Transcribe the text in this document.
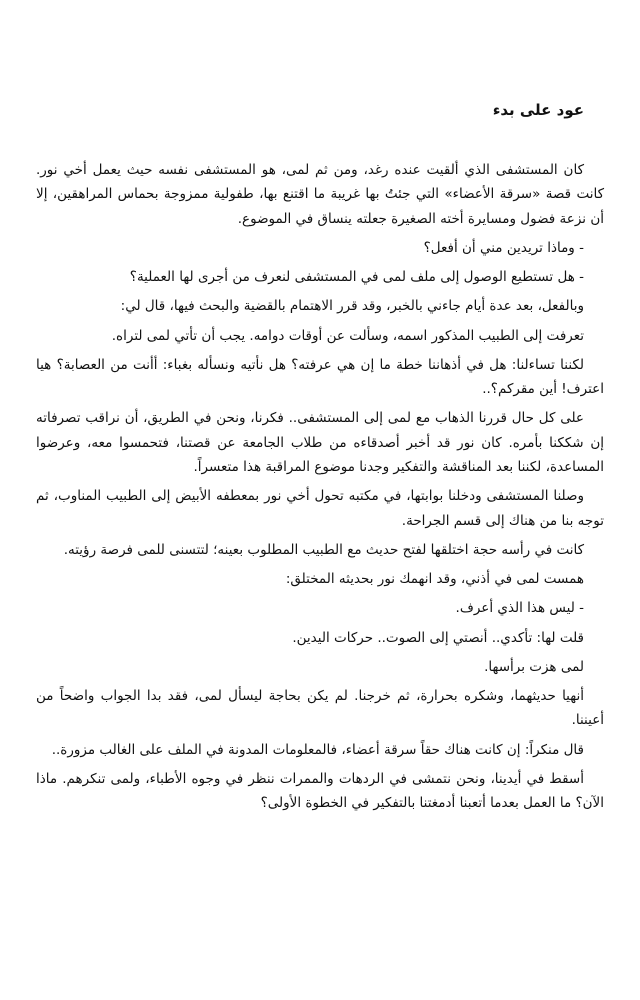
عود على بدء

كان المستشفى الذي ألقيت عنده رغد، ومن ثم لمى، هو المستشفى نفسه حيث يعمل أخي نور. كانت قصة «سرقة الأعضاء» التي جئتُ بها غريبة ما اقتنع بها، طفولية ممزوجة بحماس المراهقين، إلا أن نزعة فضول ومسايرة أخته الصغيرة جعلته ينساق في الموضوع.

- وماذا تريدين مني أن أفعل؟

- هل تستطيع الوصول إلى ملف لمى في المستشفى لنعرف من أجرى لها العملية؟

وبالفعل، بعد عدة أيام جاءني بالخبر، وقد قرر الاهتمام بالقضية والبحث فيها، قال لي:

تعرفت إلى الطبيب المذكور اسمه، وسألت عن أوقات دوامه. يجب أن تأتي لمى لتراه.

لكننا تساءلنا: هل في أذهاننا خطة ما إن هي عرفته؟ هل نأتيه ونسأله بغباء: أأنت من العصابة؟ هيا اعترف! أين مقركم؟..

على كل حال قررنا الذهاب مع لمى إلى المستشفى.. فكرنا، ونحن في الطريق، أن نراقب تصرفاته إن شككنا بأمره. كان نور قد أخبر أصدقاءه من طلاب الجامعة عن قصتنا، فتحمسوا معه، وعرضوا المساعدة، لكننا بعد المناقشة والتفكير وجدنا موضوع المراقبة هذا متعسراً.

وصلنا المستشفى ودخلنا بوابتها، في مكتبه تحول أخي نور بمعطفه الأبيض إلى الطبيب المناوب، ثم توجه بنا من هناك إلى قسم الجراحة.

كانت في رأسه حجة اختلقها لفتح حديث مع الطبيب المطلوب بعينه؛ لتتسنى للمى فرصة رؤيته.

همست لمى في أذني، وقد انهمك نور بحديثه المختلق:

- ليس هذا الذي أعرف.

قلت لها: تأكدي.. أنصتي إلى الصوت.. حركات اليدين.

لمى هزت برأسها.

أنهيا حديثهما، وشكره بحرارة، ثم خرجنا. لم يكن بحاجة ليسأل لمى، فقد بدا الجواب واضحاً من أعيننا.

قال منكراً: إن كانت هناك حقاً سرقة أعضاء، فالمعلومات المدونة في الملف على الغالب مزورة..

أسقط في أيدينا، ونحن نتمشى في الردهات والممرات ننظر في وجوه الأطباء، ولمى تنكرهم. ماذا الآن؟ ما العمل بعدما أتعبنا أدمغتنا بالتفكير في الخطوة الأولى؟
